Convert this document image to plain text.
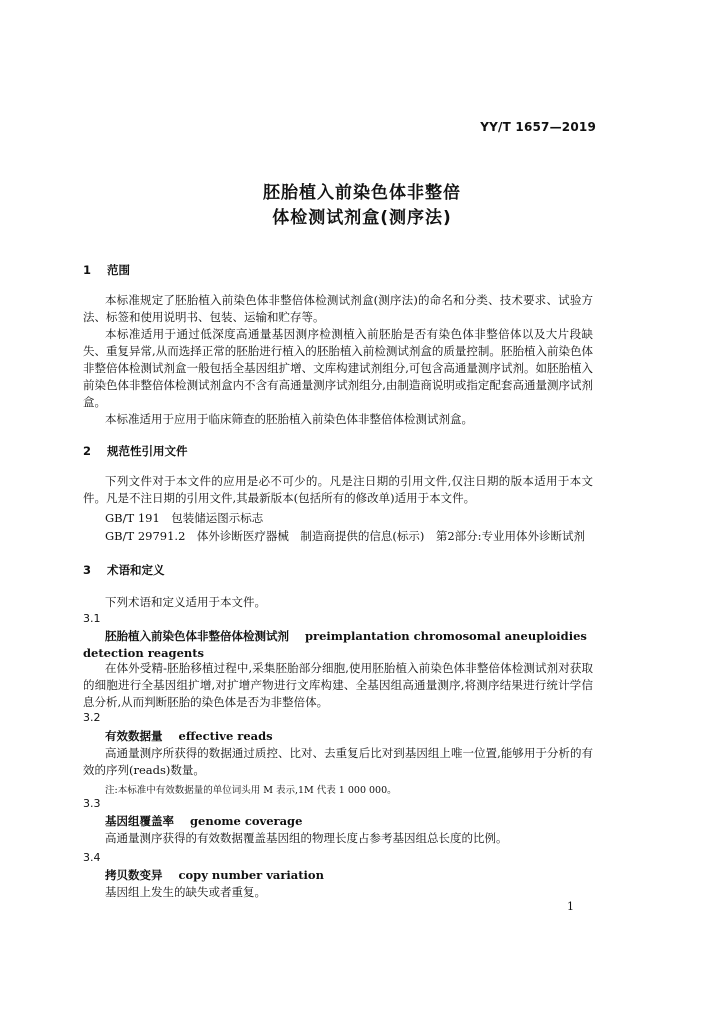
YY/T 1657—2019
胚胎植入前染色体非整倍
体检测试剂盒(测序法)
1 范围

本标准规定了胚胎植入前染色体非整倍体检测试剂盒(测序法)的命名和分类、技术要求、试验方法、标签和使用说明书、包装、运输和贮存等。

本标准适用于通过低深度高通量基因测序检测植入前胚胎是否有染色体非整倍体以及大片段缺失、重复异常,从而选择正常的胚胎进行植入的胚胎植入前检测试剂盒的质量控制。胚胎植入前染色体非整倍体检测试剂盒一般包括全基因组扩增、文库构建试剂组分,可包含高通量测序试剂。如胚胎植入前染色体非整倍体检测试剂盒内不含有高通量测序试剂组分,由制造商说明或指定配套高通量测序试剂盒。

本标准适用于应用于临床筛查的胚胎植入前染色体非整倍体检测试剂盒。

2 规范性引用文件

下列文件对于本文件的应用是必不可少的。凡是注日期的引用文件,仅注日期的版本适用于本文件。凡是不注日期的引用文件,其最新版本(包括所有的修改单)适用于本文件。

GB/T 191　包装储运图示标志
GB/T 29791.2　体外诊断医疗器械　制造商提供的信息(标示)　第2部分:专业用体外诊断试剂
3 术语和定义
下列术语和定义适用于本文件。
3.1

胚胎植入前染色体非整倍体检测试剂 preimplantation chromosomal aneuploidies detection reagents

在体外受精-胚胎移植过程中,采集胚胎部分细胞,使用胚胎植入前染色体非整倍体检测试剂对获取的细胞进行全基因组扩增,对扩增产物进行文库构建、全基因组高通量测序,将测序结果进行统计学信息分析,从而判断胚胎的染色体是否为非整倍体。

3.2

有效数据量 effective reads

高通量测序所获得的数据通过质控、比对、去重复后比对到基因组上唯一位置,能够用于分析的有效的序列(reads)数量。

注:本标准中有效数据量的单位词头用 M 表示,1M 代表 1 000 000。
3.3

基因组覆盖率 genome coverage

高通量测序获得的有效数据覆盖基因组的物理长度占参考基因组总长度的比例。

3.4

拷贝数变异 copy number variation

基因组上发生的缺失或者重复。

1
